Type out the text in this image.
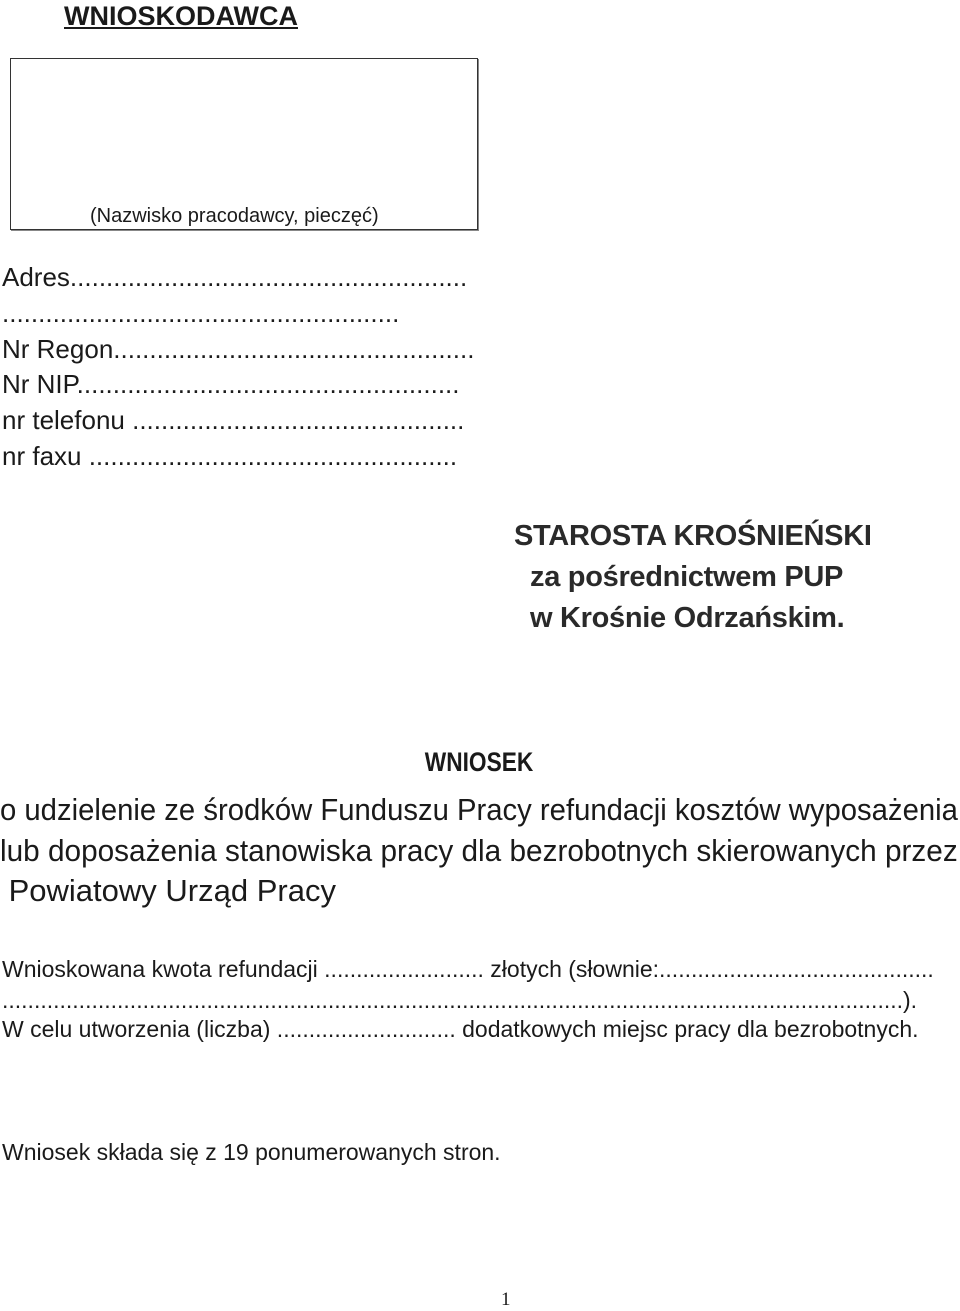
WNIOSKODAWCA
(Nazwisko pracodawcy, pieczęć)
Adres.......................................................
.......................................................
Nr Regon..................................................
Nr NIP.....................................................
nr telefonu ..............................................
nr faxu ...................................................
STAROSTA KROŚNIEŃSKI
za pośrednictwem PUP
w Krośnie Odrzańskim.
WNIOSEK
o udzielenie ze środków Funduszu Pracy refundacji kosztów wyposażenia
lub doposażenia stanowiska pracy dla bezrobotnych skierowanych przez
Powiatowy Urząd Pracy
Wnioskowana kwota refundacji ......................... złotych (słownie:...........................................
.............................................................................................................................................).
W celu utworzenia (liczba) ............................ dodatkowych miejsc pracy dla bezrobotnych.
Wniosek składa się z 19 ponumerowanych stron.
1
